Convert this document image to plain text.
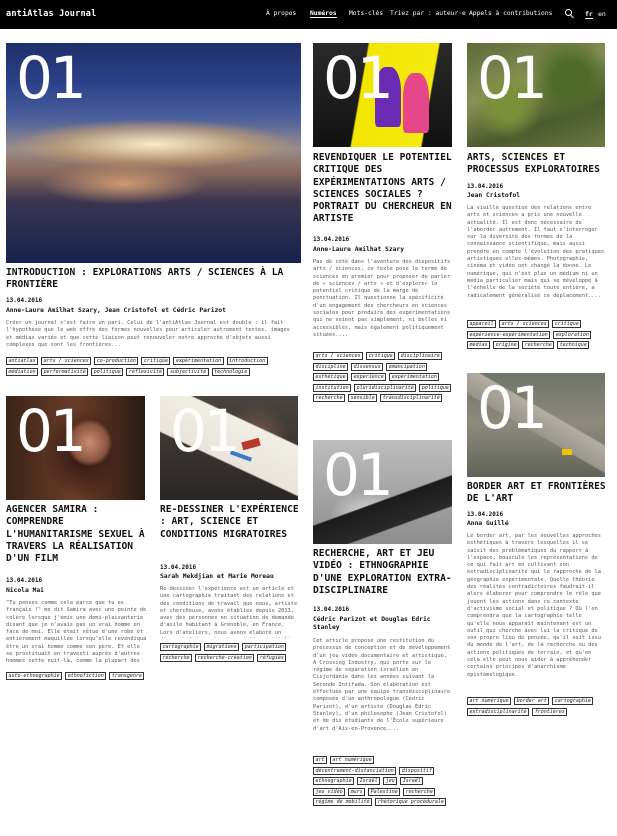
antiAtlas Journal	À propos Numéros Mots-clés Triez par : auteur·e Appels à contributions	fr en
01
INTRODUCTION : EXPLORATIONS ARTS / SCIENCES À LA FRONTIÈRE
13.04.2016
Anne-Laure Amilhat Szary, Jean Cristofol et Cédric Parizot
Créer un journal c'est faire un pari. Celui de l'antiAtlas Journal est double : il fait l'hypothèse que le web offre des formes nouvelles pour articuler autrement textes, images et médias variés et que cette liaison peut renouveler notre approche d'objets aussi complexes que sont les frontières...
antiatlas	arts / sciences	co-production	critique	expérimentation	introduction
médiation	performativité	politique	réflexivité	subjectivité	technologie
01
REVENDIQUER LE POTENTIEL CRITIQUE DES EXPÉRIMENTATIONS ARTS / SCIENCES SOCIALES ? PORTRAIT DU CHERCHEUR EN ARTISTE
13.04.2016
Anne-Laure Amilhat Szary
Pas de côté dans l'aventure des dispositifs arts / sciences, ce texte pose le terme de sciences en premier pour proposer de parler de « sciences / arts » et d'explorer le potentiel critique de la marge de ponctuation. Il questionne la spécificité d'un engagement des chercheurs en sciences sociales pour produire des expérimentations qui ne soient pas simplement, ni belles ni accessibles, mais également politiquement situées....
arts / sciences	critique	disciplinaire
discipline	dissensus	émancipation
esthétique	expérience	expérimentation
institution	pluridisciplinarité	politique
recherche	sensible	transdisciplinarité
01
ARTS, SCIENCES ET PROCESSUS EXPLORATOIRES
13.04.2016
Jean Cristofol
La vieille question des relations entre arts et sciences a pris une nouvelle actualité. Il est donc nécessaire de l'aborder autrement. Il faut s'interroger sur la diversité des formes de la connaissance scientifique, mais aussi prendre en compte l'évolution des pratiques artistiques elles-mêmes. Photographie, cinéma et vidéo ont changé la donne. Le numérique, qui n'est plus un médium ni un média particulier mais qui se développe à l'échelle de la société toute entière, a radicalement généralisé ce déplacement....
appareil	arts / sciences	critique
expérience-expérimentation	exploration
médias	origine	recherche	technique
01
AGENCER SAMIRA : COMPRENDRE L'HUMANITARISME SEXUEL À TRAVERS LA RÉALISATION D'UN FILM
13.04.2016
Nicola Mai
"Tu penses comme cela parce que tu es français !" me dit Samira avec une pointe de colère lorsque j'émis une demi-plaisanterie disant que je n'avais pas un vrai homme en face de moi. Elle était vêtue d'une robe et entièrement maquillée lorsqu'elle revendiqua être un vrai homme comme son père. Et elle se prostituait en travesti auprès d'autres hommes cette nuit-là, comme la plupart des
auto-ethnographie	ethnofiction	transgenre
01
RE-DESSINER L'EXPÉRIENCE : ART, SCIENCE ET CONDITIONS MIGRATOIRES
13.04.2016
Sarah Mekdjian et Marie Moreau
Re-dessiner l'expérience est un article et une cartographie traitant des relations et des conditions de travail que nous, artiste et chercheuse, avons établies depuis 2013, avec des personnes en situation de demande d'asile habitant à Grenoble, en France. Lors d'ateliers, nous avons élaboré un
cartographie	migrations	participation
recherche	recherche-création	réfugiés
01
RECHERCHE, ART ET JEU VIDÉO : ETHNOGRAPHIE D'UNE EXPLORATION EXTRA-DISCIPLINAIRE
13.04.2016
Cédric Parizot et Douglas Edric Stanley
Cet article propose une restitution du processus de conception et de développement d'un jeu vidéo documentaire et artistique, A Crossing Industry, qui porte sur le régime de séparation israélien en Cisjordanie dans les années suivant la Seconde Intifada. Son élaboration est effectuée par une équipe transdisciplinaire composée d'un anthropologue (Cédric Parizot), d'un artiste (Douglas Edric Stanley), d'un philosophe (Jean Cristofol) et de dix étudiants de l'École supérieure d'art d'Aix-en-Provence....
art	art numérique
décentrement-distanciation	dispositif
ethnographie	Israël	jeu	Israël
jeu vidéo	murs	Palestine	recherche
régime de mobilité	rhétorique procédurale
01
BORDER ART ET FRONTIÈRES DE L'ART
13.04.2016
Anna Guillé
Le border art, par les nouvelles approches esthétiques à travers lesquelles il se saisit des problématiques du rapport à l'espace, bouscule les représentations de ce qui fait art en cultivant son extradisciplinarité qui le rapproche de la géographie expérimentale. Quelle théorie des réalités contradictoires faudrait-il alors élaborer pour comprendre le rôle que jouent les actions dans ce contexte d'activisme social et politique ? Où l'on comprendra que la cartographie telle qu'elle nous apparaît maintenant est un outil qui cherche avec lui la critique de son propre lieu de pensée, qu'il soit issu du monde de l'art, de la recherche ou des actions politiques de terrain, et qu'en cela elle peut nous aider à appréhender certains principes d'anarchisme épistémologique.
art numérique	border art	cartographie
extradisciplinarité	frontières
